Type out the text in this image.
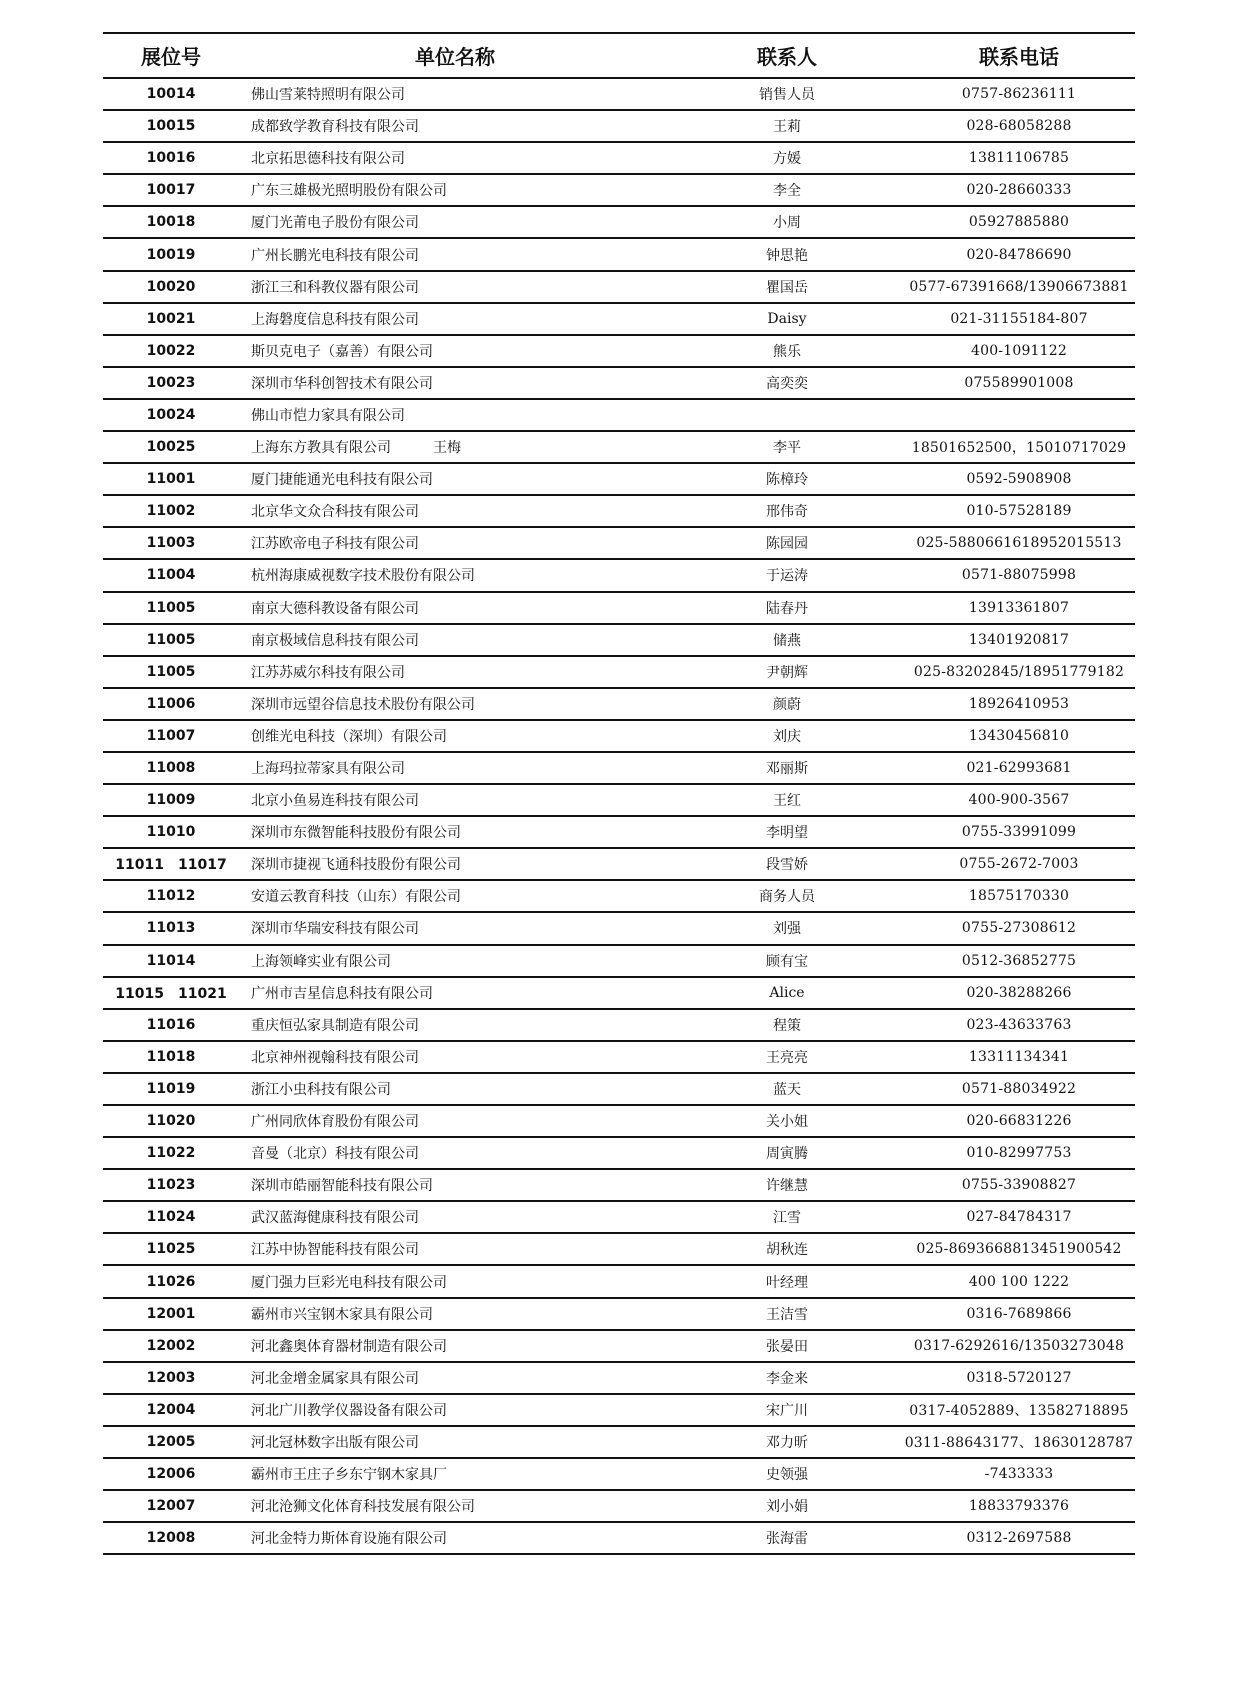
展位号	单位名称	联系人	联系电话
10014	佛山雪莱特照明有限公司	销售人员	0757-86236111
10015	成都致学教育科技有限公司	王莉	028-68058288
10016	北京拓思德科技有限公司	方媛	13811106785
10017	广东三雄极光照明股份有限公司	李全	020-28660333
10018	厦门光莆电子股份有限公司	小周	05927885880
10019	广州长鹏光电科技有限公司	钟思艳	020-84786690
10020	浙江三和科教仪器有限公司	瞿国岳	0577-67391668/13906673881
10021	上海磐度信息科技有限公司	Daisy	021-31155184-807
10022	斯贝克电子（嘉善）有限公司	熊乐	400-1091122
10023	深圳市华科创智技术有限公司	高奕奕	075589901008
10024	佛山市恺力家具有限公司
10025	上海东方教具有限公司　　　王梅	李平	18501652500，15010717029
11001	厦门捷能通光电科技有限公司	陈樟玲	0592-5908908
11002	北京华文众合科技有限公司	邢伟奇	010-57528189
11003	江苏欧帝电子科技有限公司	陈园园	025-5880661618952015513
11004	杭州海康威视数字技术股份有限公司	于运涛	0571-88075998
11005	南京大德科教设备有限公司	陆春丹	13913361807
11005	南京极域信息科技有限公司	储燕	13401920817
11005	江苏苏威尔科技有限公司	尹朝辉	025-83202845/18951779182
11006	深圳市远望谷信息技术股份有限公司	颜蔚	18926410953
11007	创维光电科技（深圳）有限公司	刘庆	13430456810
11008	上海玛拉蒂家具有限公司	邓丽斯	021-62993681
11009	北京小鱼易连科技有限公司	王红	400-900-3567
11010	深圳市东微智能科技股份有限公司	李明望	0755-33991099
11011　11017	深圳市捷视飞通科技股份有限公司	段雪娇	0755-2672-7003
11012	安道云教育科技（山东）有限公司	商务人员	18575170330
11013	深圳市华瑞安科技有限公司	刘强	0755-27308612
11014	上海领峰实业有限公司	顾有宝	0512-36852775
11015　11021	广州市吉星信息科技有限公司	Alice	020-38288266
11016	重庆恒弘家具制造有限公司	程策	023-43633763
11018	北京神州视翰科技有限公司	王亮亮	13311134341
11019	浙江小虫科技有限公司	蓝天	0571-88034922
11020	广州同欣体育股份有限公司	关小姐	020-66831226
11022	音曼（北京）科技有限公司	周寅腾	010-82997753
11023	深圳市皓丽智能科技有限公司	许继慧	0755-33908827
11024	武汉蓝海健康科技有限公司	江雪	027-84784317
11025	江苏中协智能科技有限公司	胡秋连	025-8693668813451900542
11026	厦门强力巨彩光电科技有限公司	叶经理	400 100 1222
12001	霸州市兴宝钢木家具有限公司	王洁雪	0316-7689866
12002	河北鑫奥体育器材制造有限公司	张晏田	0317-6292616/13503273048
12003	河北金增金属家具有限公司	李金来	0318-5720127
12004	河北广川教学仪器设备有限公司	宋广川	0317-4052889、13582718895
12005	河北冠林数字出版有限公司	邓力昕	0311-88643177、18630128787
12006	霸州市王庄子乡东宁钢木家具厂	史领强	-7433333
12007	河北沧狮文化体育科技发展有限公司	刘小娟	18833793376
12008	河北金特力斯体育设施有限公司	张海雷	0312-2697588
